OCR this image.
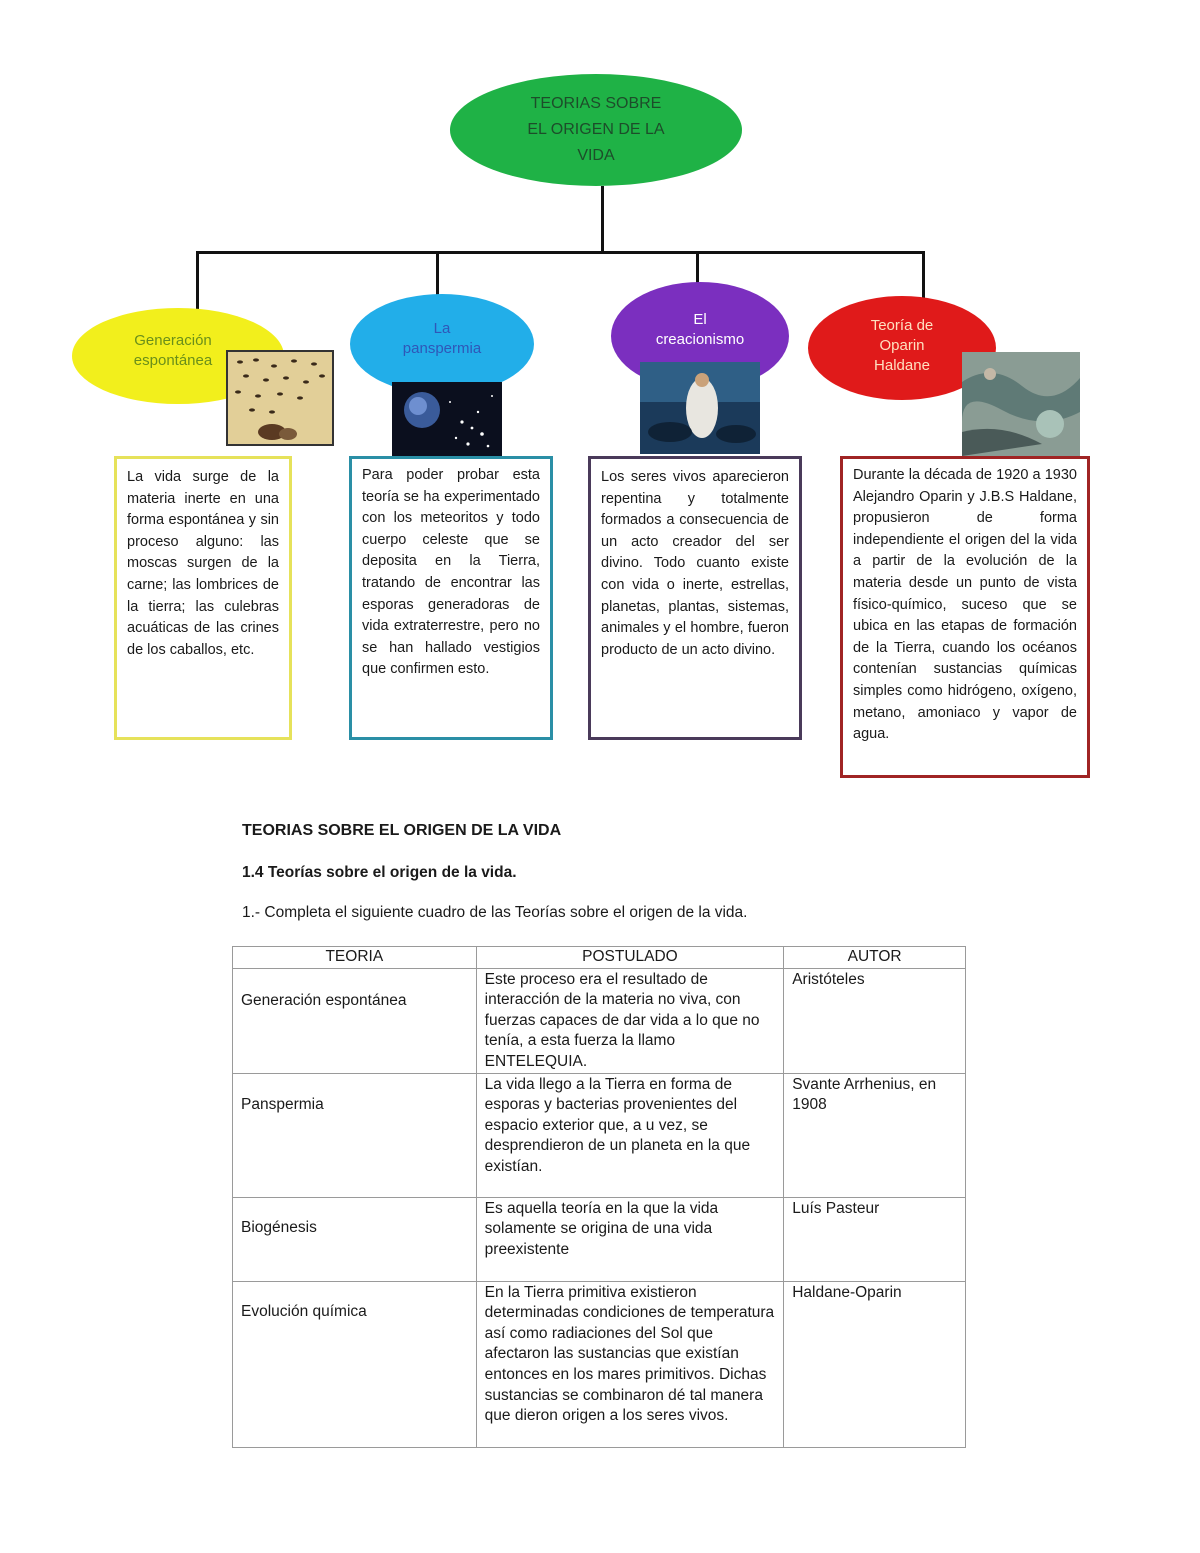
TEORIAS SOBRE
EL ORIGEN DE LA
VIDA
Generación
espontánea
La vida surge de la materia inerte en una forma espontánea y sin proceso alguno: las moscas surgen de la carne; las lombrices de la tierra; las culebras acuáticas de las crines de los caballos, etc.
La
panspermia
Para poder probar esta teoría se ha experimentado con los meteoritos y todo cuerpo celeste que se deposita en la Tierra, tratando de encontrar las esporas generadoras de vida extraterrestre, pero no se han hallado vestigios que confirmen esto.
El
creacionismo
Los seres vivos aparecieron repentina y totalmente formados a consecuencia de un acto creador del ser divino. Todo cuanto existe con vida o inerte, estrellas, planetas, plantas, sistemas, animales y el hombre, fueron producto de un acto divino.
Teoría de
Oparin
Haldane
Durante la década de 1920 a 1930 Alejandro Oparin y J.B.S Haldane, propusieron de forma independiente el origen del la vida a partir de la evolución de la materia desde un punto de vista físico-químico, suceso que se ubica en las etapas de formación de la Tierra, cuando los océanos contenían sustancias químicas simples como hidrógeno, oxígeno, metano, amoniaco y vapor de agua.
TEORIAS SOBRE EL ORIGEN DE LA VIDA
1.4 Teorías sobre el origen de la vida.

1.- Completa el siguiente cuadro de las Teorías sobre el origen de la vida.

TEORIA	POSTULADO	AUTOR
Generación espontánea	Este proceso era el resultado de interacción de la materia no viva, con fuerzas capaces de dar vida a lo que no tenía, a esta fuerza la llamo ENTELEQUIA.	Aristóteles
Panspermia	La vida llego a la Tierra en forma de esporas y bacterias provenientes del espacio exterior que, a u vez, se desprendieron de un planeta en la que existían.	Svante Arrhenius, en 1908
Biogénesis	Es aquella teoría en la que la vida solamente se origina de una vida preexistente	Luís Pasteur
Evolución química	En la Tierra primitiva existieron determinadas condiciones de temperatura así como radiaciones del Sol que afectaron las sustancias que existían entonces en los mares primitivos. Dichas sustancias se combinaron dé tal manera que dieron origen a los seres vivos.	Haldane-Oparin
